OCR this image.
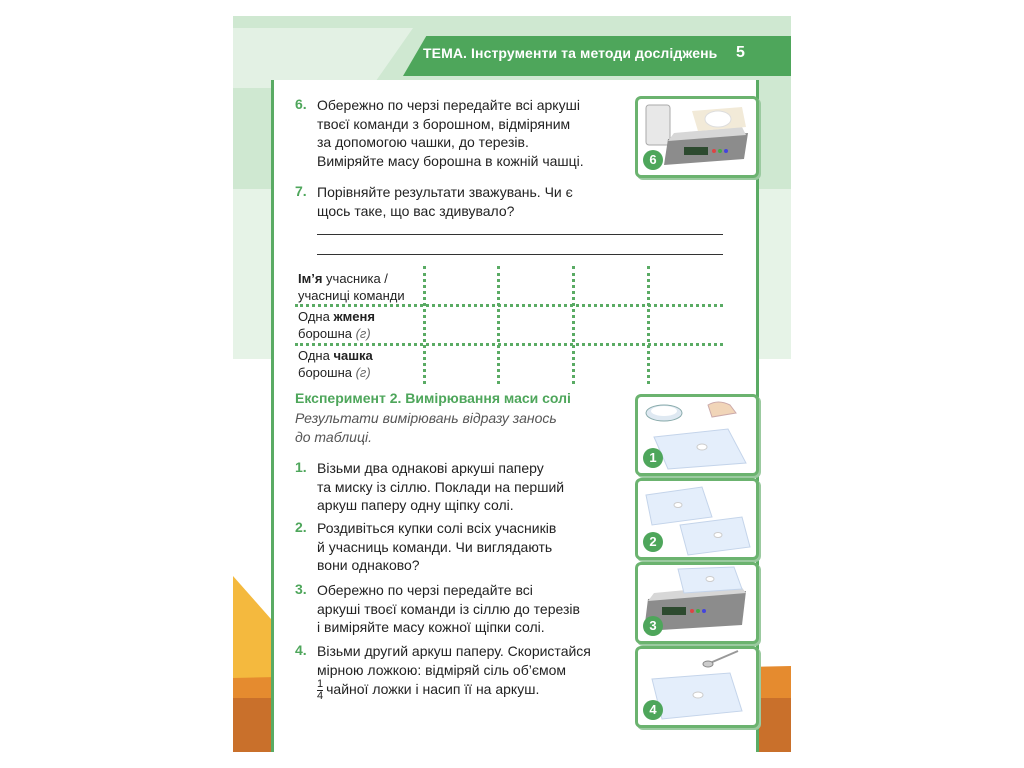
ТЕМА. Інструменти та методи досліджень 5
6. Обережно по черзі передайте всі аркуші
твоєї команди з борошном, відміряним
за допомогою чашки, до терезів.
Виміряйте масу борошна в кожній чашці.
7. Порівняйте результати зважувань. Чи є
щось таке, що вас здивувало?
Ім’я учасника /
учасниці команди
Одна жменя
борошна (г)
Одна чашка
борошна (г)
Експеримент 2. Вимірювання маси солі
Результати вимірювань відразу занось
до таблиці.
1. Візьми два однакові аркуші паперу
та миску із сіллю. Поклади на перший
аркуш паперу одну щіпку солі.
2. Роздивіться купки солі всіх учасників
й учасниць команди. Чи виглядають
вони однаково?
3. Обережно по черзі передайте всі
аркуші твоєї команди із сіллю до терезів
і виміряйте масу кожної щіпки солі.
4. Візьми другий аркуш паперу. Скористайся
мірною ложкою: відміряй сіль об’ємом
$\frac{1}{4}$ чайної ложки і насип її на аркуш.
6
1
2
3
4
